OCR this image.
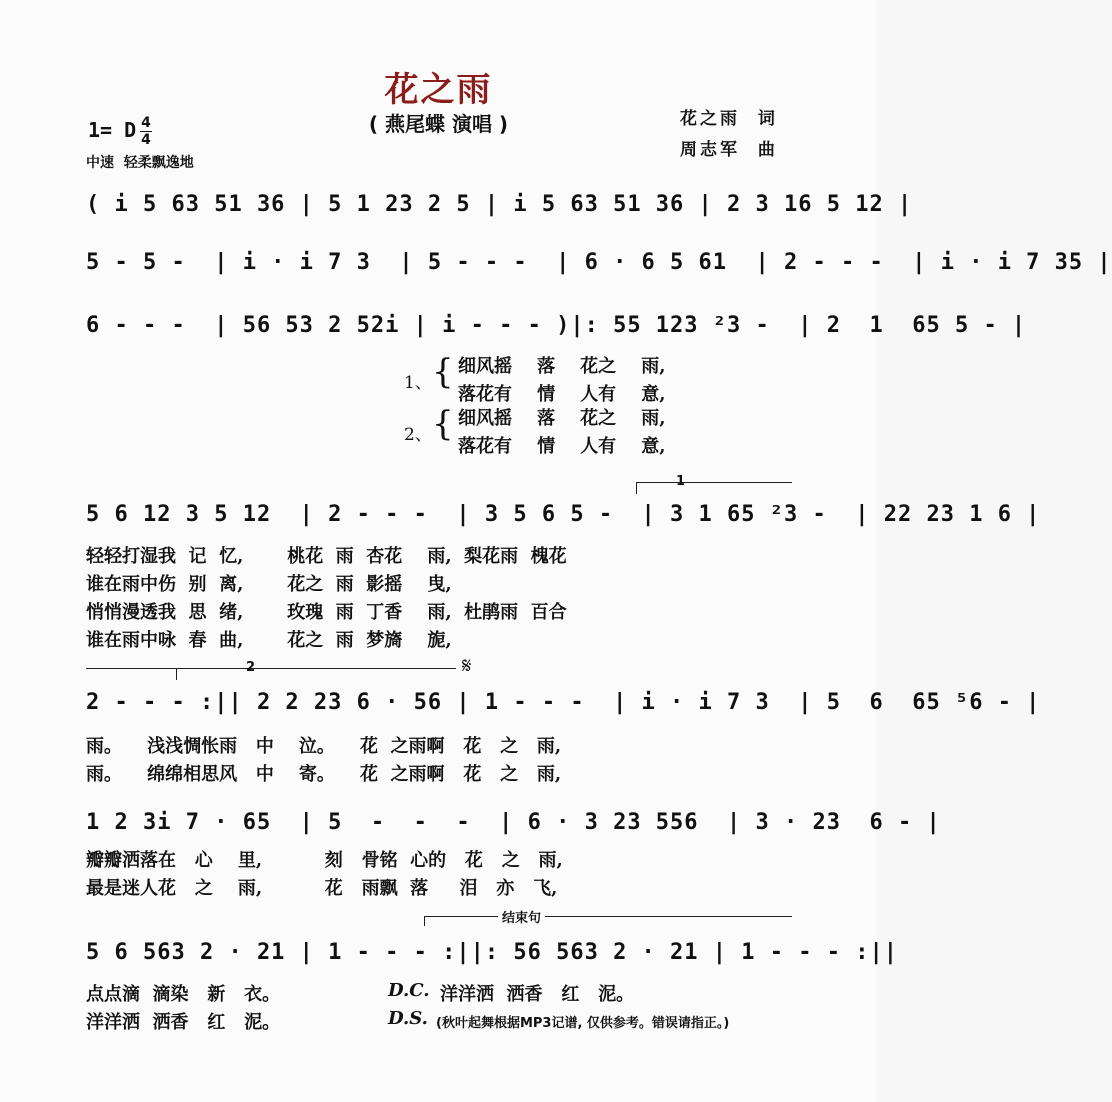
花之雨
( 燕尾蝶 演唱 )
1= D 4
4
中速  轻柔飘逸地
花之雨  词
周志军  曲
( i 5 63 51 36 | 5 1 23 2 5 | i 5 63 51 36 | 2 3 16 5 12 |
5 - 5 -  | i · i 7 3  | 5 - - -  | 6 · 6 5 61  | 2 - - -  | i · i 7 35 |
6 - - -  | 56 53 2 52i | i - - - )|: 55 123 ²3 -  | 2  1  65 5 - |
1、 { 细风摇    落    花之    雨,
落花有    情    人有    意,
2、 { 细风摇    落    花之    雨,
落花有    情    人有    意,
1
5 6 12 3 5 12  | 2 - - -  | 3 5 6 5 -  | 3 1 65 ²3 -  | 22 23 1 6 |
轻轻打湿我  记  忆,       桃花  雨  杏花    雨,  梨花雨  槐花
谁在雨中伤  别  离,       花之  雨  影摇    曳,
悄悄漫透我  思  绪,       玫瑰  雨  丁香    雨,  杜鹃雨  百合
谁在雨中咏  春  曲,       花之  雨  梦旖    旎,
2	𝄋
2 - - - :|| 2 2 23 6 · 56 | 1 - - -  | i · i 7 3  | 5  6  65 ⁵6 - |
雨。    浅浅惆怅雨   中    泣。    花  之雨啊   花   之   雨,
雨。    绵绵相思风   中    寄。    花  之雨啊   花   之   雨,
1 2 3i 7 · 65  | 5  -  -  -  | 6 · 3 23 556  | 3 · 23  6 - |
瓣瓣洒落在   心    里,          刻   骨铭  心的   花   之   雨,
最是迷人花   之    雨,          花   雨飘  落     泪   亦   飞,
结束句
5 6 563 2 · 21 | 1 - - - :||: 56 563 2 · 21 | 1 - - - :||
点点滴  滴染   新   衣。	D.C. 洋洋洒  洒香   红   泥。
洋洋洒  洒香   红   泥。	D.S. (秋叶起舞根据MP3记谱, 仅供参考。错误请指正。)
